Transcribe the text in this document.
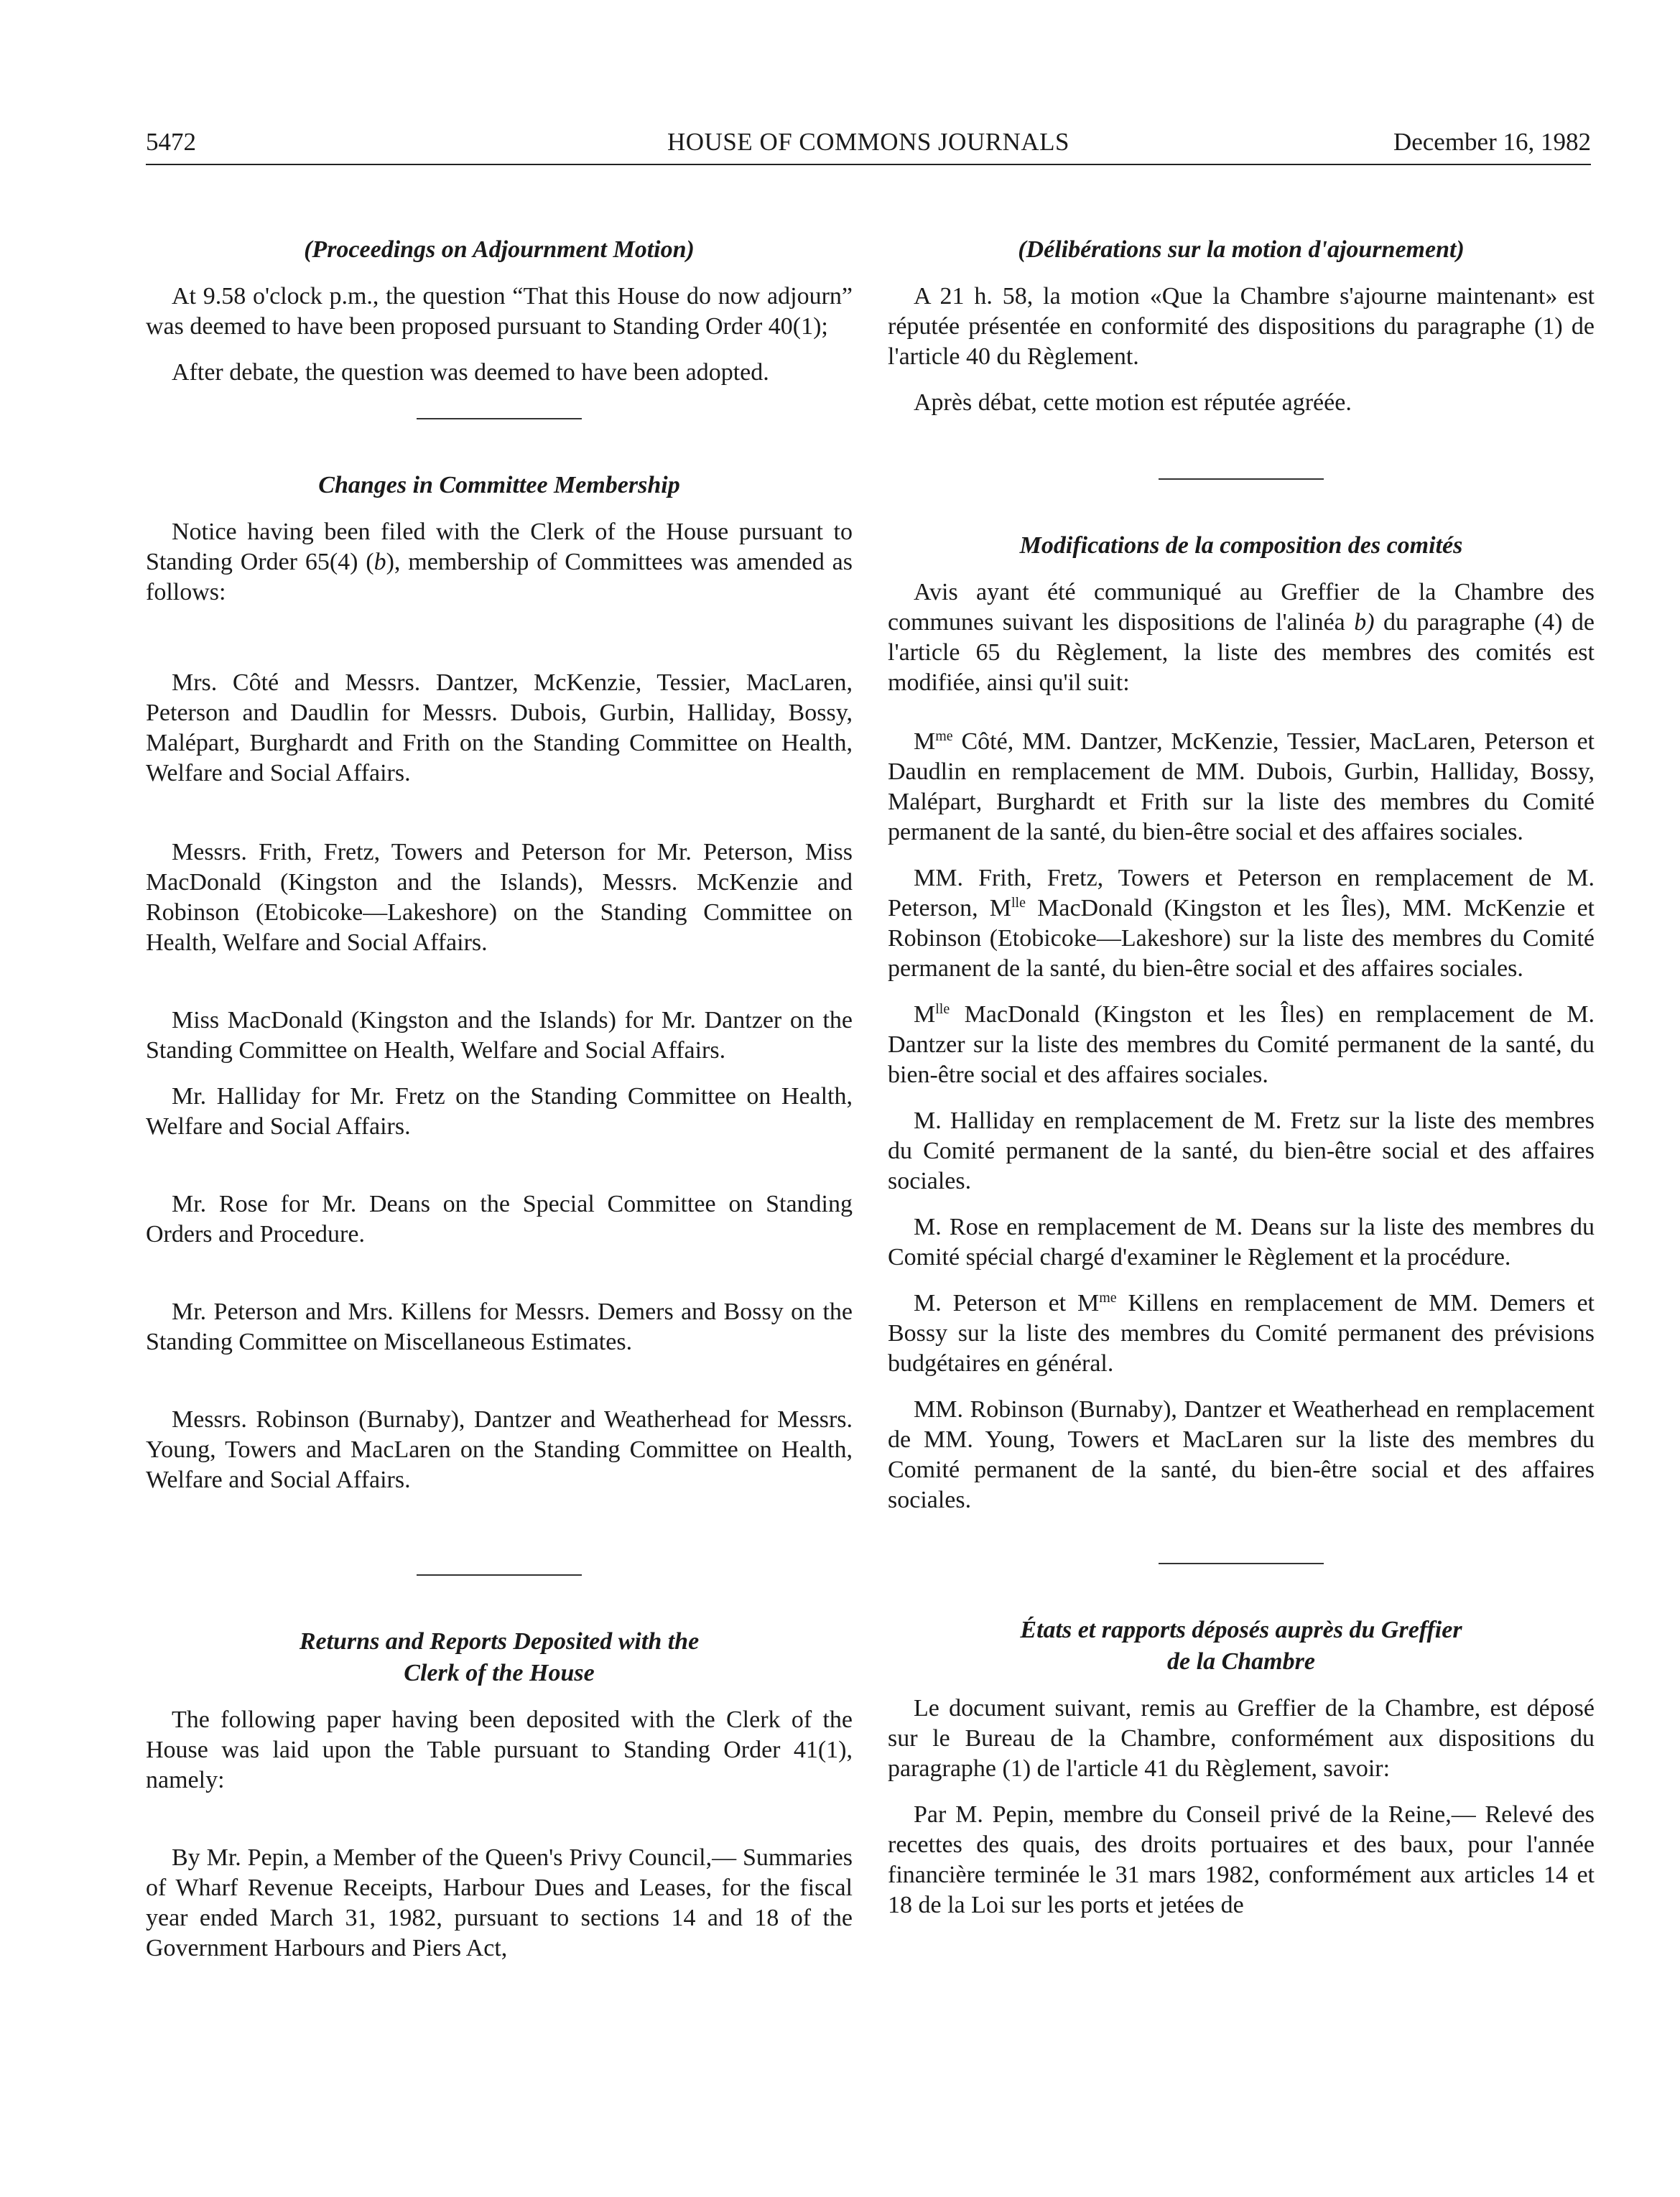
5472	HOUSE OF COMMONS JOURNALS	December 16, 1982
(Proceedings on Adjournment Motion)

At 9.58 o'clock p.m., the question “That this House do now adjourn” was deemed to have been proposed pursuant to Standing Order 40(1);

After debate, the question was deemed to have been adopted.

Changes in Committee Membership

Notice having been filed with the Clerk of the House pursuant to Standing Order 65(4) (b), membership of Committees was amended as follows:

Mrs. Côté and Messrs. Dantzer, McKenzie, Tessier, MacLaren, Peterson and Daudlin for Messrs. Dubois, Gurbin, Halliday, Bossy, Malépart, Burghardt and Frith on the Standing Committee on Health, Welfare and Social Affairs.

Messrs. Frith, Fretz, Towers and Peterson for Mr. Peterson, Miss MacDonald (Kingston and the Islands), Messrs. McKenzie and Robinson (Etobicoke—Lakeshore) on the Standing Committee on Health, Welfare and Social Affairs.

Miss MacDonald (Kingston and the Islands) for Mr. Dantzer on the Standing Committee on Health, Welfare and Social Affairs.

Mr. Halliday for Mr. Fretz on the Standing Committee on Health, Welfare and Social Affairs.

Mr. Rose for Mr. Deans on the Special Committee on Standing Orders and Procedure.

Mr. Peterson and Mrs. Killens for Messrs. Demers and Bossy on the Standing Committee on Miscellaneous Estimates.

Messrs. Robinson (Burnaby), Dantzer and Weatherhead for Messrs. Young, Towers and MacLaren on the Standing Committee on Health, Welfare and Social Affairs.

Returns and Reports Deposited with the
Clerk of the House

The following paper having been deposited with the Clerk of the House was laid upon the Table pursuant to Standing Order 41(1), namely:

By Mr. Pepin, a Member of the Queen's Privy Council,— Summaries of Wharf Revenue Receipts, Harbour Dues and Leases, for the fiscal year ended March 31, 1982, pursuant to sections 14 and 18 of the Government Harbours and Piers Act,

(Délibérations sur la motion d'ajournement)

A 21 h. 58, la motion «Que la Chambre s'ajourne maintenant» est réputée présentée en conformité des dispositions du paragraphe (1) de l'article 40 du Règlement.

Après débat, cette motion est réputée agréée.

Modifications de la composition des comités

Avis ayant été communiqué au Greffier de la Chambre des communes suivant les dispositions de l'alinéa b) du paragraphe (4) de l'article 65 du Règlement, la liste des membres des comités est modifiée, ainsi qu'il suit:

$M^{me}$ Côté, MM. Dantzer, McKenzie, Tessier, MacLaren, Peterson et Daudlin en remplacement de MM. Dubois, Gurbin, Halliday, Bossy, Malépart, Burghardt et Frith sur la liste des membres du Comité permanent de la santé, du bien-être social et des affaires sociales.

MM. Frith, Fretz, Towers et Peterson en remplacement de M. Peterson, $M^{lle}$ MacDonald (Kingston et les Îles), MM. McKenzie et Robinson (Etobicoke—Lakeshore) sur la liste des membres du Comité permanent de la santé, du bien-être social et des affaires sociales.

$M^{lle}$ MacDonald (Kingston et les Îles) en remplacement de M. Dantzer sur la liste des membres du Comité permanent de la santé, du bien-être social et des affaires sociales.

M. Halliday en remplacement de M. Fretz sur la liste des membres du Comité permanent de la santé, du bien-être social et des affaires sociales.

M. Rose en remplacement de M. Deans sur la liste des membres du Comité spécial chargé d'examiner le Règlement et la procédure.

M. Peterson et $M^{me}$ Killens en remplacement de MM. Demers et Bossy sur la liste des membres du Comité permanent des prévisions budgétaires en général.

MM. Robinson (Burnaby), Dantzer et Weatherhead en remplacement de MM. Young, Towers et MacLaren sur la liste des membres du Comité permanent de la santé, du bien-être social et des affaires sociales.

États et rapports déposés auprès du Greffier
de la Chambre

Le document suivant, remis au Greffier de la Chambre, est déposé sur le Bureau de la Chambre, conformément aux dispositions du paragraphe (1) de l'article 41 du Règlement, savoir:

Par M. Pepin, membre du Conseil privé de la Reine,— Relevé des recettes des quais, des droits portuaires et des baux, pour l'année financière terminée le 31 mars 1982, conformément aux articles 14 et 18 de la Loi sur les ports et jetées de
